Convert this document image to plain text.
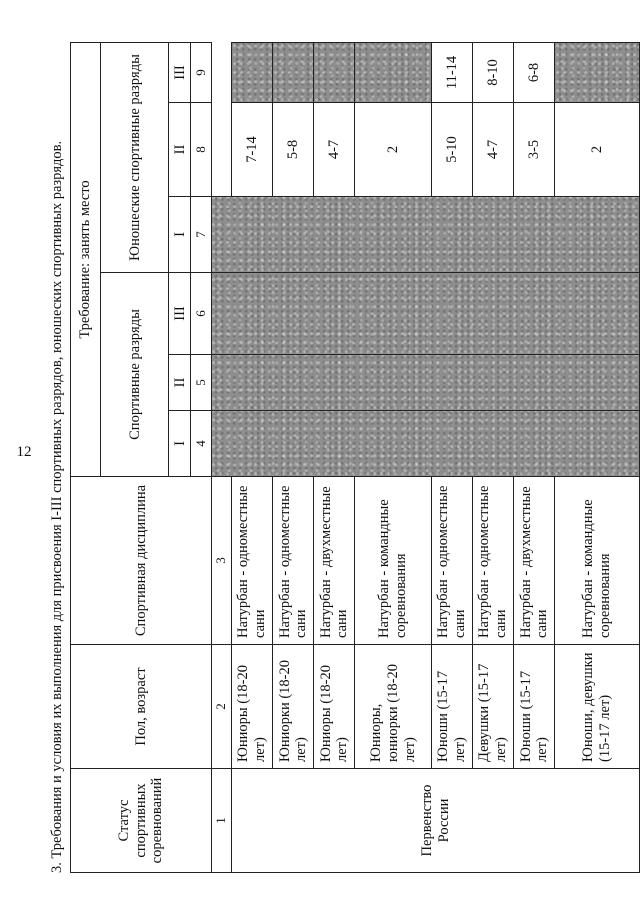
12	3. Требования и условия их выполнения для присвоения I-III спортивных разрядов, юношеских спортивных разрядов.	Статус спортивных соревнований	Пол, возраст	Спортивная дисциплина	Требование: занять место					
			Спортивные разряды			Юношеские спортивные разряды		
			I	II	III	I	II	III
			4	5	6	7	8	9
1	2	3						
Первенство России	Юниоры (18-20 лет)	Натурбан - одноместные сани					7-14	
	Юниорки (18-20 лет)	Натурбан - одноместные сани					5-8	
	Юниоры (18-20 лет)	Натурбан - двухместные сани					4-7	
	Юниоры, юниорки (18-20 лет)	Натурбан - командные соревнования					2	
	Юноши (15-17 лет)	Натурбан - одноместные сани					5-10	11-14
	Девушки (15-17 лет)	Натурбан - одноместные сани					4-7	8-10
	Юноши (15-17 лет)	Натурбан - двухместные сани					3-5	6-8
	Юноши, девушки (15-17 лет)	Натурбан - командные соревнования					2	
